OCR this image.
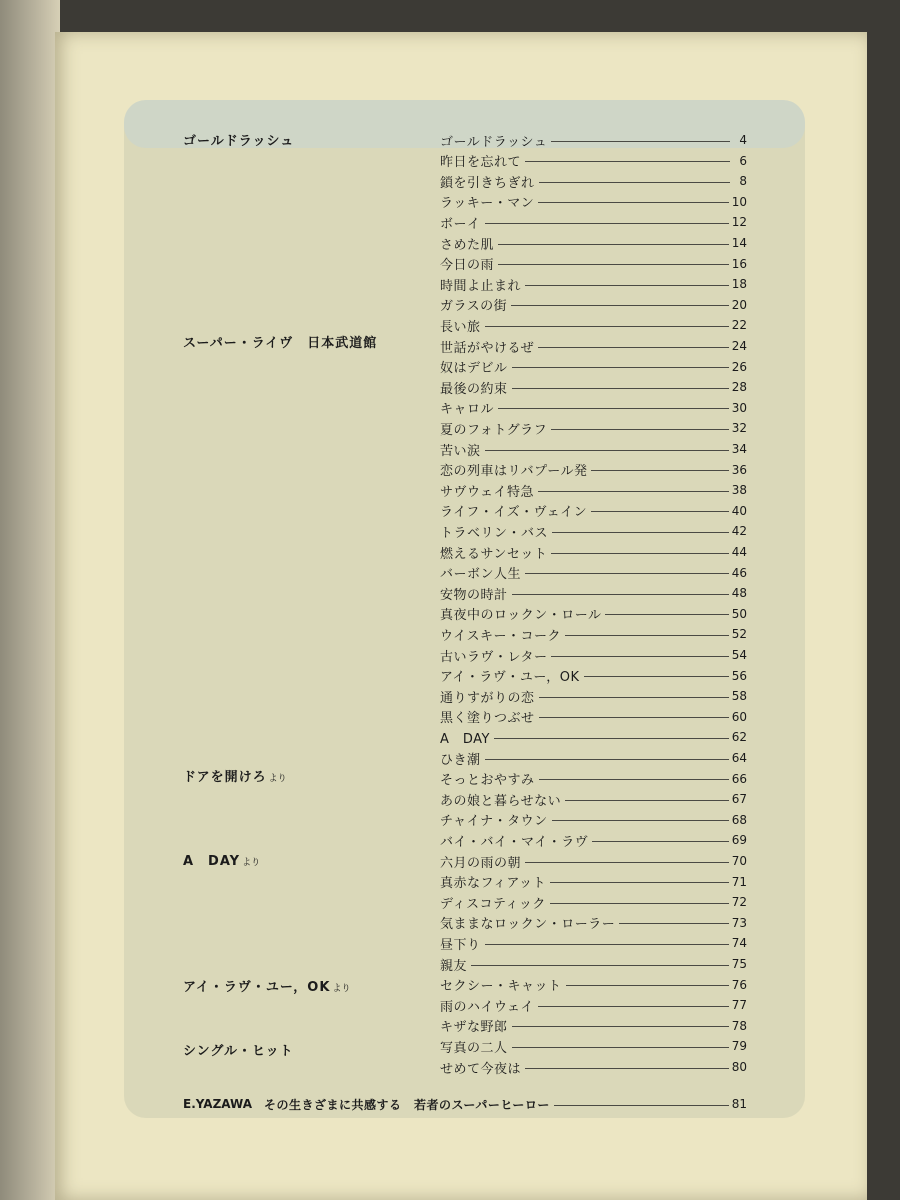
ゴールドラッシュ
スーパー・ライヴ　日本武道館
ドアを開けろ より
A　DAY より
アイ・ラヴ・ユー，OK より
シングル・ヒット
ゴールドラッシュ	4
昨日を忘れて	6
鎖を引きちぎれ	8
ラッキー・マン	10
ボーイ	12
さめた肌	14
今日の雨	16
時間よ止まれ	18
ガラスの街	20
長い旅	22
世話がやけるぜ	24
奴はデビル	26
最後の約束	28
キャロル	30
夏のフォトグラフ	32
苦い涙	34
恋の列車はリバプール発	36
サヴウェイ特急	38
ライフ・イズ・ヴェイン	40
トラベリン・バス	42
燃えるサンセット	44
バーボン人生	46
安物の時計	48
真夜中のロックン・ロール	50
ウイスキー・コーク	52
古いラヴ・レター	54
アイ・ラヴ・ユー，OK	56
通りすがりの恋	58
黒く塗りつぶせ	60
A　DAY	62
ひき潮	64
そっとおやすみ	66
あの娘と暮らせない	67
チャイナ・タウン	68
バイ・バイ・マイ・ラヴ	69
六月の雨の朝	70
真赤なフィアット	71
ディスコティック	72
気ままなロックン・ローラー	73
昼下り	74
親友	75
セクシー・キャット	76
雨のハイウェイ	77
キザな野郎	78
写真の二人	79
せめて今夜は	80
E.YAZAWA その生きざまに共感する　若者のスーパーヒーロー	81
